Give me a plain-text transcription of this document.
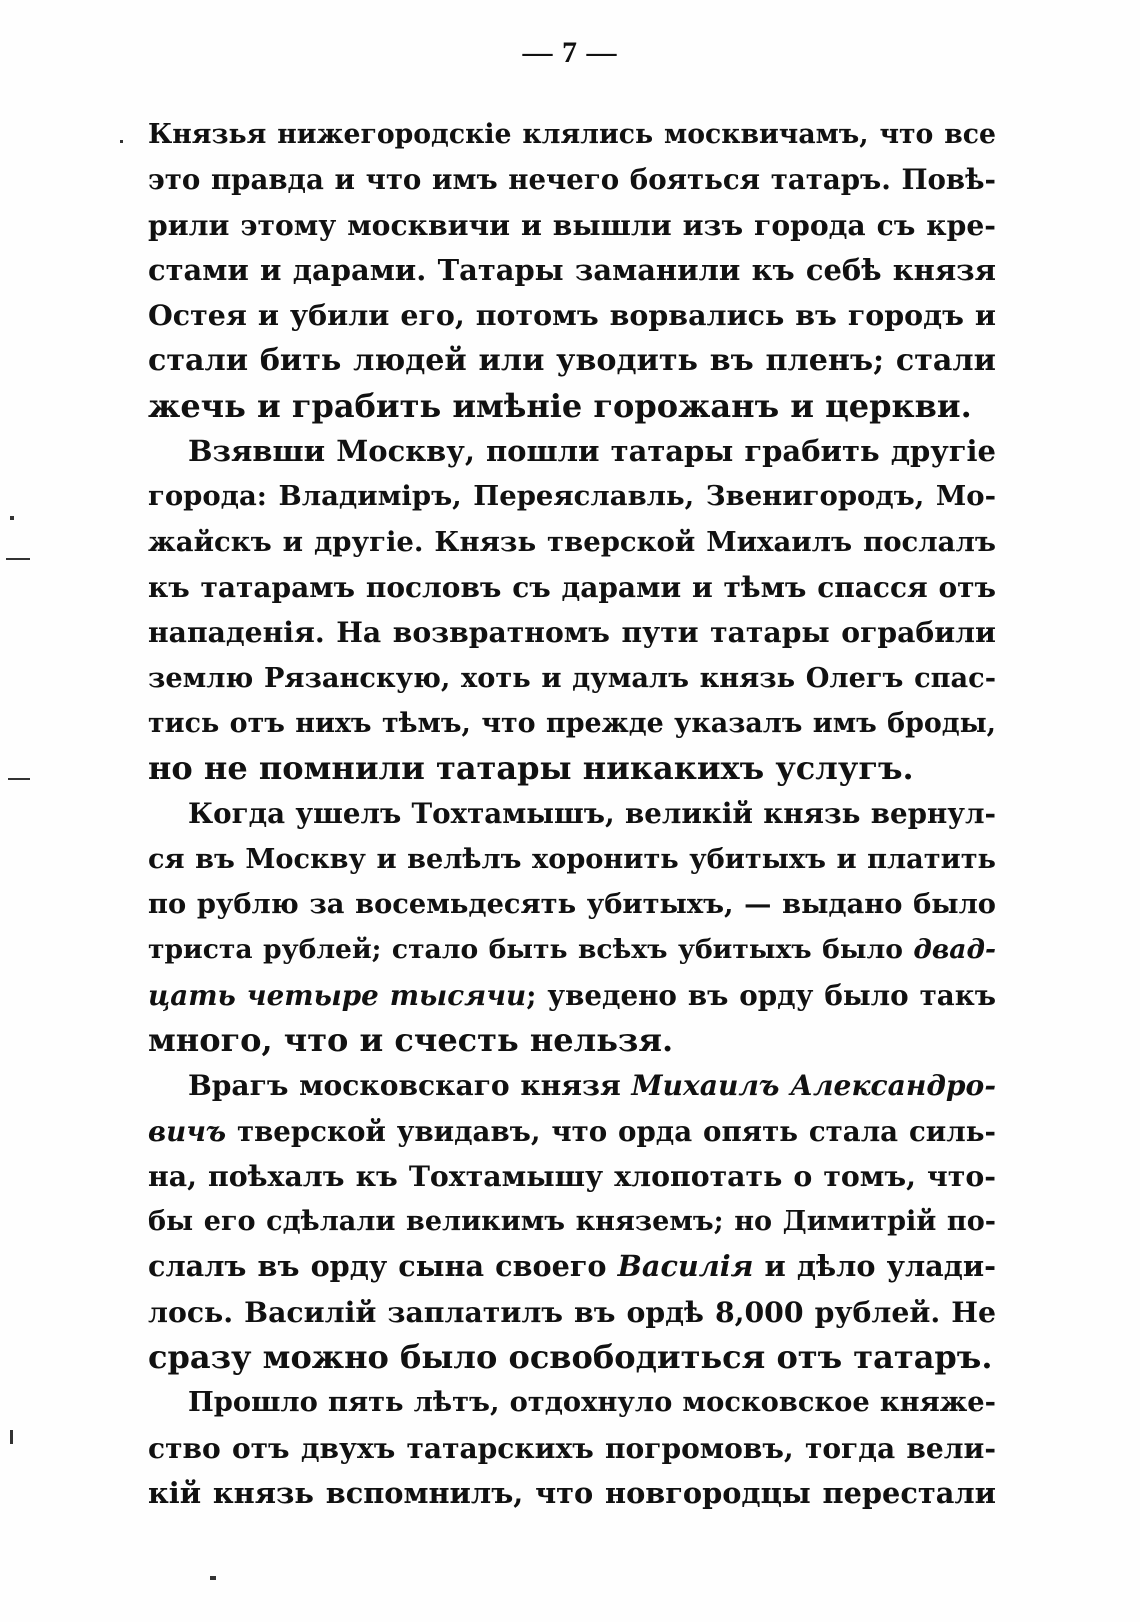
— 7 —
Князья нижегородскіе клялись москвичамъ, что все
это правда и что имъ нечего бояться татаръ. Повѣ-
рили этому москвичи и вышли изъ города съ кре-
стами и дарами. Татары заманили къ себѣ князя
Остея и убили его, потомъ ворвались въ городъ и
стали бить людей или уводить въ пленъ; стали
жечь и грабить имѣніе горожанъ и церкви.
Взявши Москву, пошли татары грабить другіе
города: Владиміръ, Переяславль, Звенигородъ, Мо-
жайскъ и другіе. Князь тверской Михаилъ послалъ
къ татарамъ пословъ съ дарами и тѣмъ спасся отъ
нападенія. На возвратномъ пути татары ограбили
землю Рязанскую, хоть и думалъ князь Олегъ спас-
тись отъ нихъ тѣмъ, что прежде указалъ имъ броды,
но не помнили татары никакихъ услугъ.
Когда ушелъ Тохтамышъ, великій князь вернул-
ся въ Москву и велѣлъ хоронить убитыхъ и платить
по рублю за восемьдесять убитыхъ, — выдано было
триста рублей; стало быть всѣхъ убитыхъ было двад-
цать четыре тысячи; уведено въ орду было такъ
много, что и счесть нельзя.
Врагъ московскаго князя Михаилъ Александро-
вичъ тверской увидавъ, что орда опять стала силь-
на, поѣхалъ къ Тохтамышу хлопотать о томъ, что-
бы его сдѣлали великимъ княземъ; но Димитрій по-
слалъ въ орду сына своего Василія и дѣло улади-
лось. Василій заплатилъ въ ордѣ 8,000 рублей. Не
сразу можно было освободиться отъ татаръ.
Прошло пять лѣтъ, отдохнуло московское княже-
ство отъ двухъ татарскихъ погромовъ, тогда вели-
кій князь вспомнилъ, что новгородцы перестали
